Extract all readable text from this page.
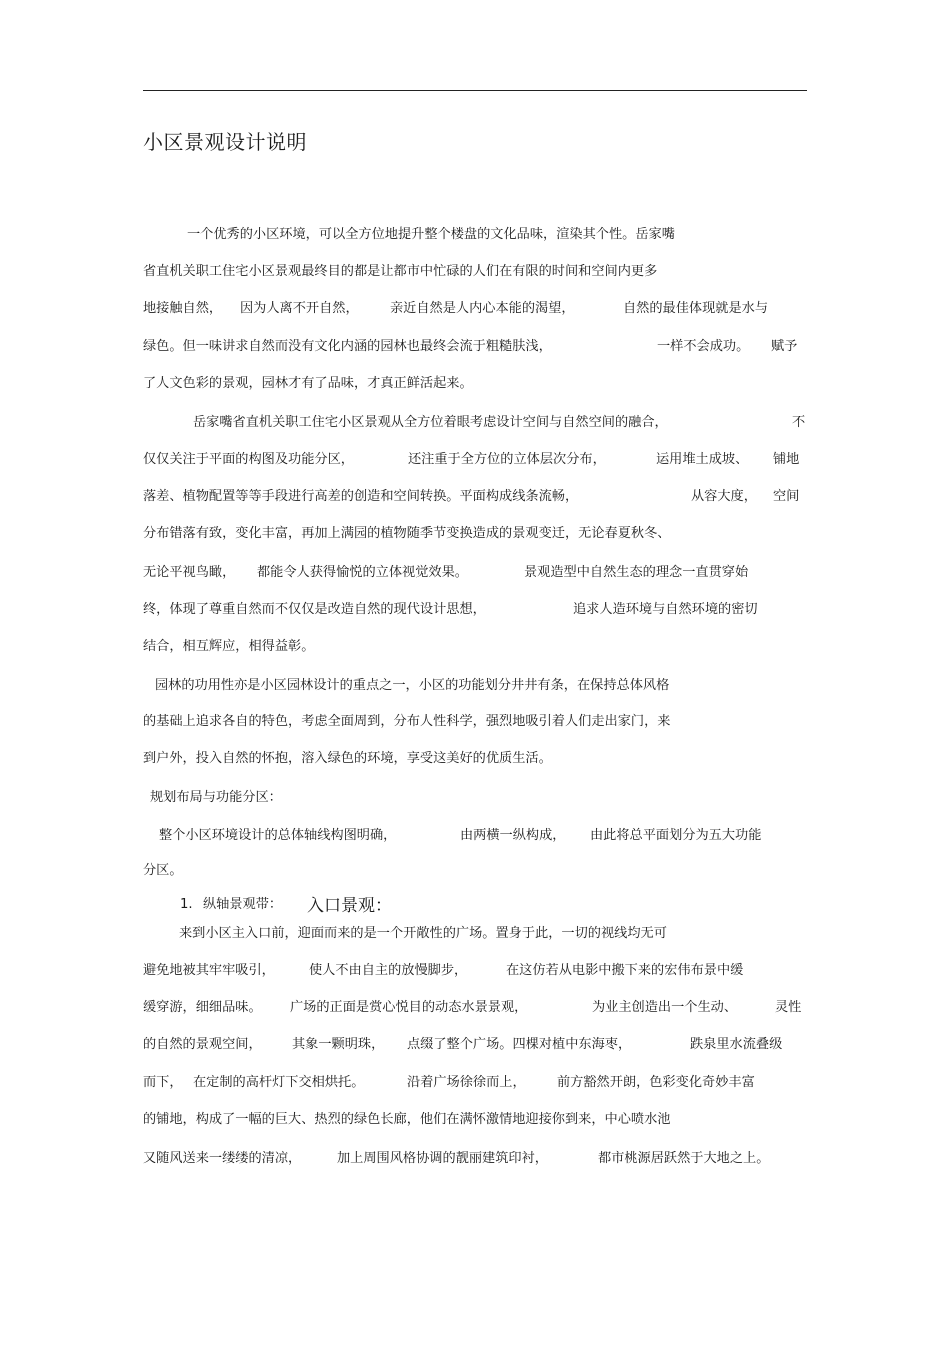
小区景观设计说明
一个优秀的小区环境，可以全方位地提升整个楼盘的文化品味，渲染其个性。岳家嘴
省直机关职工住宅小区景观最终目的都是让都市中忙碌的人们在有限的时间和空间内更多
地接触自然， 因为人离不开自然， 亲近自然是人内心本能的渴望，	自然的最佳体现就是水与
绿色。但一味讲求自然而没有文化内涵的园林也最终会流于粗糙肤浅，	一样不会成功。 赋予
了人文色彩的景观，园林才有了品味，才真正鲜活起来。
岳家嘴省直机关职工住宅小区景观从全方位着眼考虑设计空间与自然空间的融合，	不
仅仅关注于平面的构图及功能分区，	还注重于全方位的立体层次分布，	运用堆土成坡、 铺地
落差、植物配置等等手段进行高差的创造和空间转换。平面构成线条流畅，	从容大度， 空间
分布错落有致，变化丰富，再加上满园的植物随季节变换造成的景观变迁，无论春夏秋冬、
无论平视鸟瞰， 都能令人获得愉悦的立体视觉效果。	景观造型中自然生态的理念一直贯穿始
终，体现了尊重自然而不仅仅是改造自然的现代设计思想，	追求人造环境与自然环境的密切
结合，相互辉应，相得益彰。
园林的功用性亦是小区园林设计的重点之一，小区的功能划分井井有条，在保持总体风格
的基础上追求各自的特色，考虑全面周到，分布人性科学，强烈地吸引着人们走出家门，来
到户外，投入自然的怀抱，溶入绿色的环境，享受这美好的优质生活。
规划布局与功能分区：
整个小区环境设计的总体轴线构图明确，	由两横一纵构成， 由此将总平面划分为五大功能
分区。
1. 纵轴景观带： 入口景观：
来到小区主入口前，迎面而来的是一个开敞性的广场。置身于此，一切的视线均无可
避免地被其牢牢吸引，	使人不由自主的放慢脚步，	在这仿若从电影中搬下来的宏伟布景中缓
缓穿游，细细品味。 广场的正面是赏心悦目的动态水景景观，	为业主创造出一个生动、	灵性
的自然的景观空间， 其象一颗明珠， 点缀了整个广场。四棵对植中东海枣，	跌泉里水流叠级
而下， 在定制的高杆灯下交相烘托。	沿着广场徐徐而上， 前方豁然开朗，色彩变化奇妙丰富
的铺地，构成了一幅的巨大、热烈的绿色长廊，他们在满怀激情地迎接你到来，中心喷水池
又随风送来一缕缕的清凉，	加上周围风格协调的靓丽建筑印衬，	都市桃源居跃然于大地之上。
